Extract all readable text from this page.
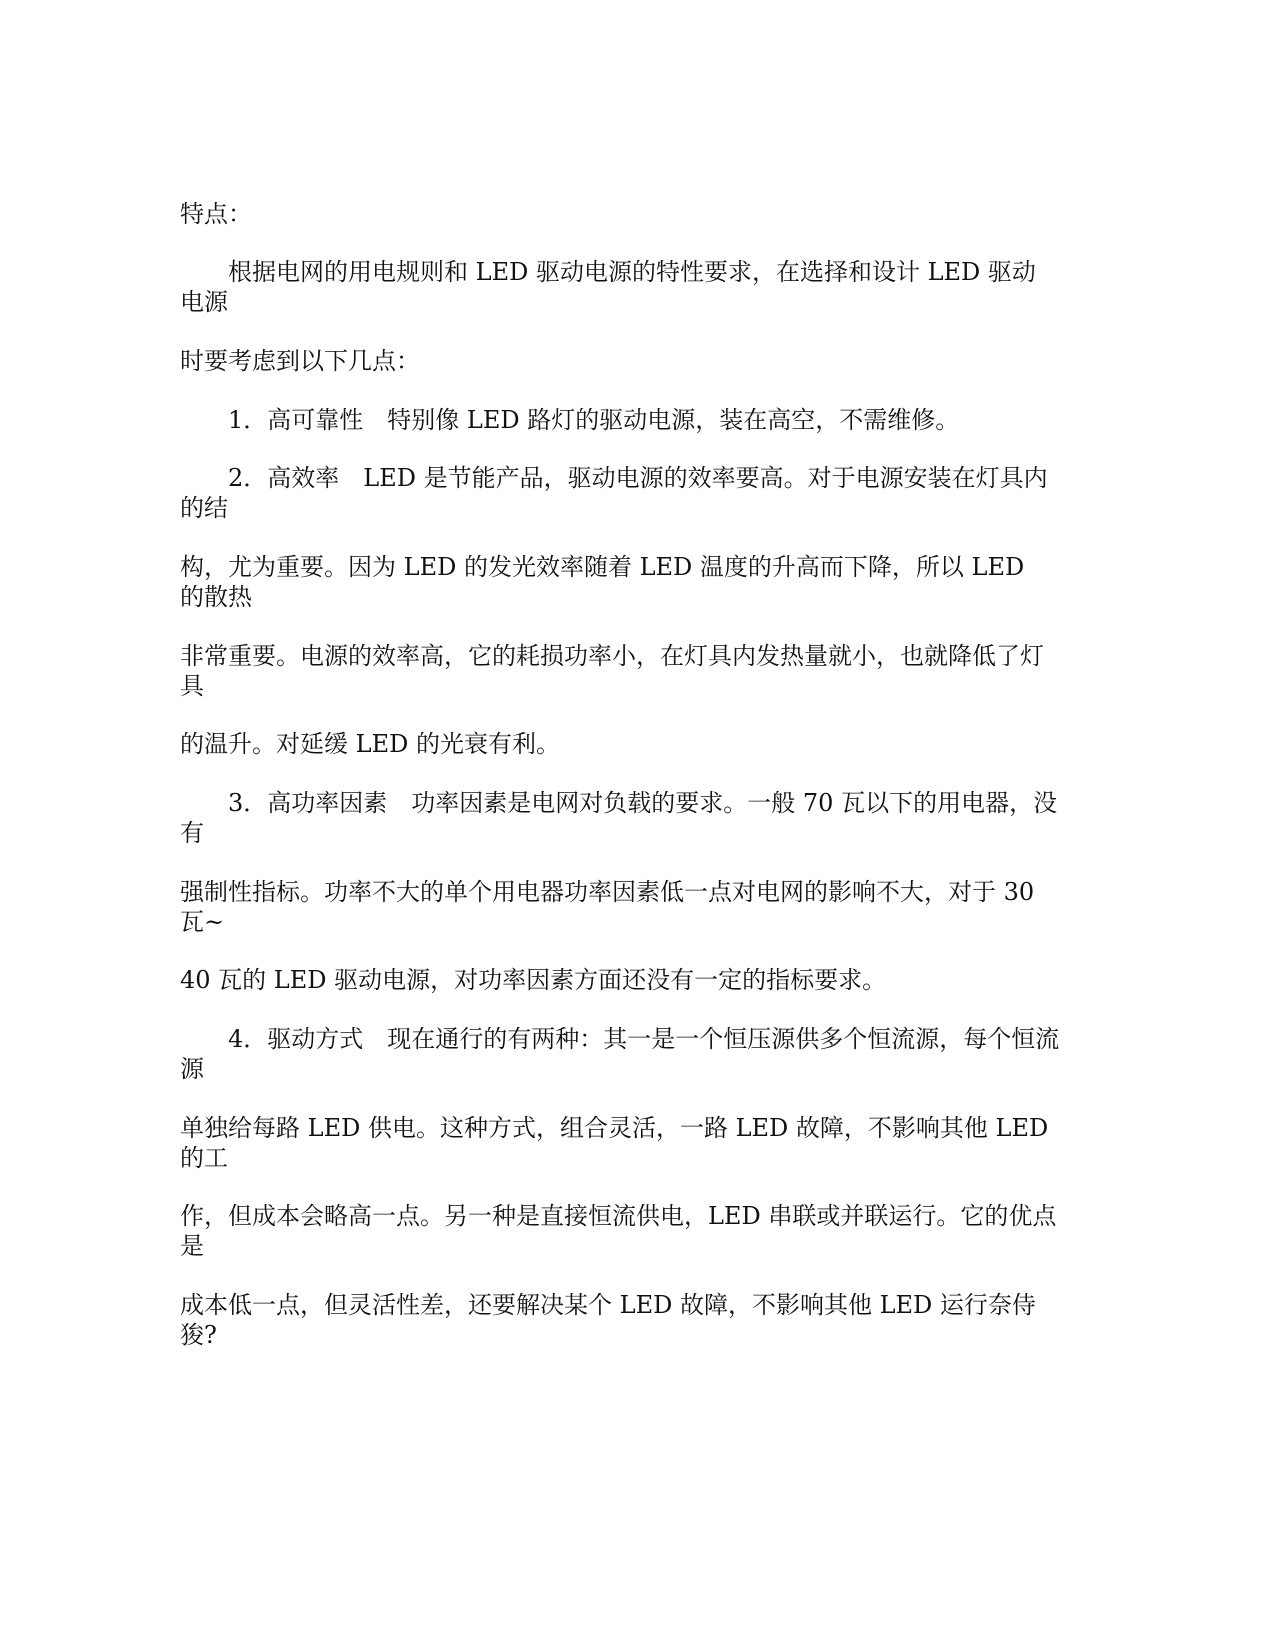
特点：

根据电网的用电规则和 LED 驱动电源的特性要求，在选择和设计 LED 驱动

电源

时要考虑到以下几点：

1．高可靠性　特别像 LED 路灯的驱动电源，装在高空，不需维修。

2．高效率　LED 是节能产品，驱动电源的效率要高。对于电源安装在灯具内

的结

构，尤为重要。因为 LED 的发光效率随着 LED 温度的升高而下降，所以 LED

的散热

非常重要。电源的效率高，它的耗损功率小，在灯具内发热量就小，也就降低了灯

具

的温升。对延缓 LED 的光衰有利。

3．高功率因素　功率因素是电网对负载的要求。一般 70 瓦以下的用电器，没

有

强制性指标。功率不大的单个用电器功率因素低一点对电网的影响不大，对于 30

瓦~

40 瓦的 LED 驱动电源，对功率因素方面还没有一定的指标要求。

4．驱动方式　现在通行的有两种：其一是一个恒压源供多个恒流源，每个恒流

源

单独给每路 LED 供电。这种方式，组合灵活，一路 LED 故障，不影响其他 LED

的工

作，但成本会略高一点。另一种是直接恒流供电，LED 串联或并联运行。它的优点

是

成本低一点，但灵活性差，还要解决某个 LED 故障，不影响其他 LED 运行奈侍

狻?
